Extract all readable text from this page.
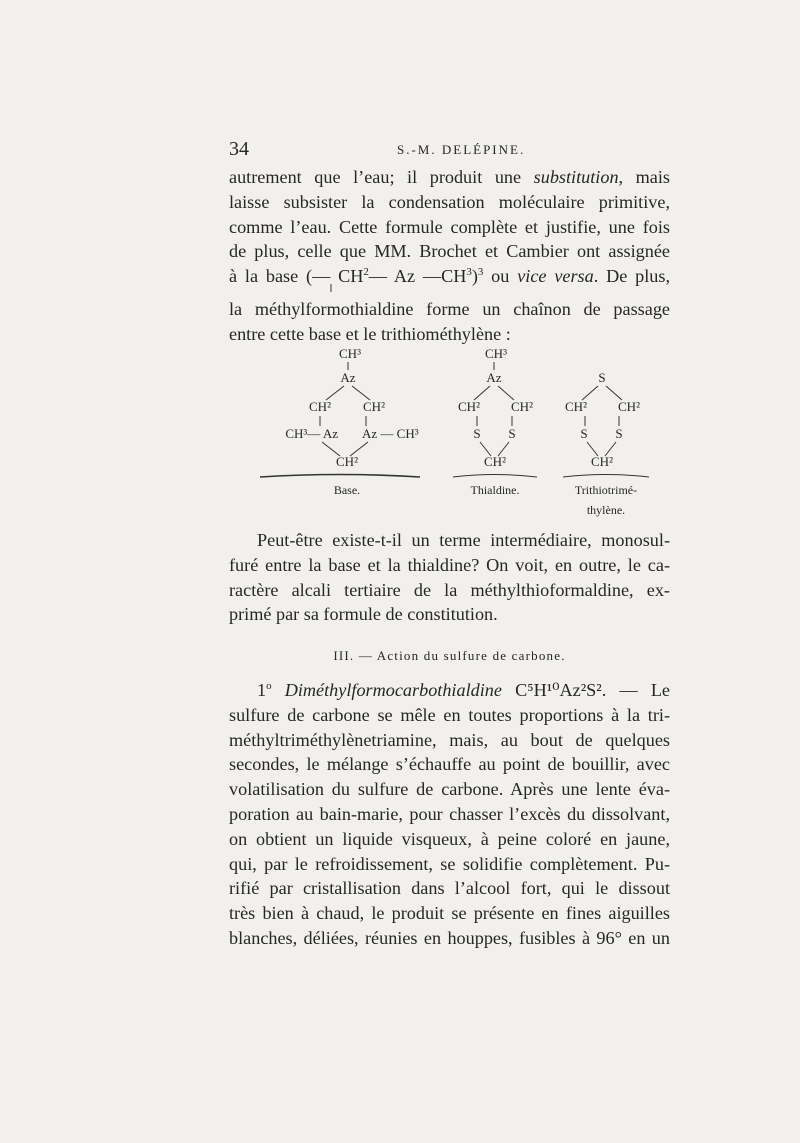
34	S.-M. DELÉPINE.

autrement que l’eau; il produit une substitution, mais
laisse subsister la condensation moléculaire primitive,
comme l’eau. Cette formule complète et justifie, une fois
de plus, celle que MM. Brochet et Cambier ont assignée
à la base (— $CH^2—$ Az $—CH^3)^3$ ou vice versa. De plus,
la méthylformothialdine forme un chaînon de passage
entre cette base et le trithiométhylène :

CH³
Az
CH² CH²
CH³— Az Az — CH³
CH²
Base.
CH³
Az
CH² CH²
S S
CH²
Thialdine.
S
CH² CH²
S S
CH²
Trithiotrimé-
thylène.

Peut-être existe-t-il un terme intermédiaire, monosul-
furé entre la base et la thialdine? On voit, en outre, le ca-
ractère alcali tertiaire de la méthylthioformaldine, ex-
primé par sa formule de constitution.

III. — Action du sulfure de carbone.

1$^o$ Diméthylformocarbothialdine C⁵H¹⁰Az²S². — Le
sulfure de carbone se mêle en toutes proportions à la tri-
méthyltriméthylènetriamine, mais, au bout de quelques
secondes, le mélange s’échauffe au point de bouillir, avec
volatilisation du sulfure de carbone. Après une lente éva-
poration au bain-marie, pour chasser l’excès du dissolvant,
on obtient un liquide visqueux, à peine coloré en jaune,
qui, par le refroidissement, se solidifie complètement. Pu-
rifié par cristallisation dans l’alcool fort, qui le dissout
très bien à chaud, le produit se présente en fines aiguilles
blanches, déliées, réunies en houppes, fusibles à 96° en un
